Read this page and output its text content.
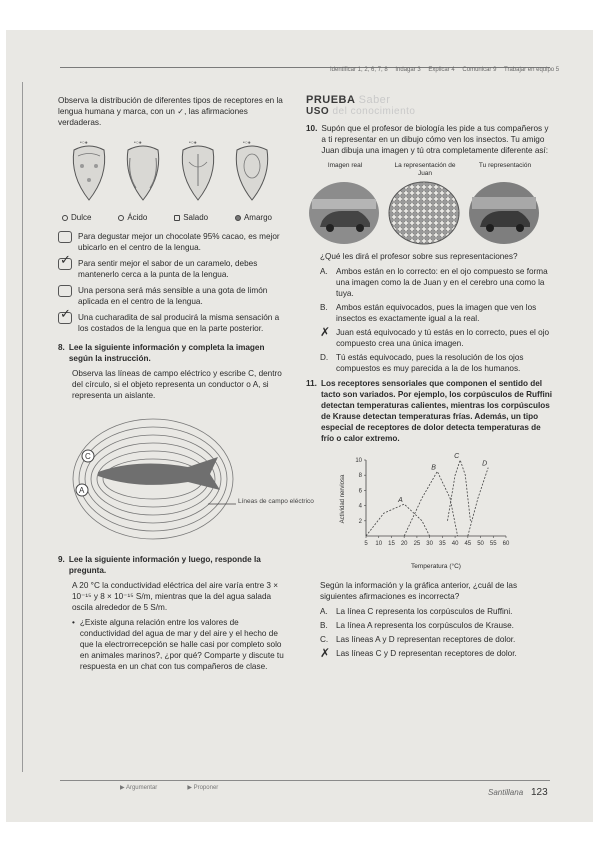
Identificar 1, 2, 6, 7, 8 Indagar 3 Explicar 4 Comunicar 9 Trabajar en equipo 5

Observa la distribución de diferentes tipos de receptores en la lengua humana y marca, con un ✓, las afirmaciones verdaderas.

•○●	•○●	•○●	•○●
Dulce	Ácido	Salado	Amargo
Para degustar mejor un chocolate 95% cacao, es mejor ubicarlo en el centro de la lengua.
✓ Para sentir mejor el sabor de un caramelo, debes mantenerlo cerca a la punta de la lengua.
Una persona será más sensible a una gota de limón aplicada en el centro de la lengua.
✓ Una cucharadita de sal producirá la misma sensación a los costados de la lengua que en la parte posterior.
8. Lee la siguiente información y completa la imagen según la instrucción.

Observa las líneas de campo eléctrico y escribe C, dentro del círculo, si el objeto representa un conductor o A, si representa un aislante.

C
A
Líneas de campo eléctrico
9. Lee la siguiente información y luego, responde la pregunta.

A 20 °C la conductividad eléctrica del aire varía entre 3 × 10⁻¹⁵ y 8 × 10⁻¹⁵ S/m, mientras que la del agua salada oscila alrededor de 5 S/m.

• ¿Existe alguna relación entre los valores de conductividad del agua de mar y del aire y el hecho de que la electrorrecepción se halle casi por completo solo en animales marinos?, ¿por qué? Comparte y discute tu respuesta en un chat con tus compañeros de clase.
PRUEBA Saber
USO del conocimiento
10. Supón que el profesor de biología les pide a tus compañeros y a ti representar en un dibujo cómo ven los insectos. Tu amigo Juan dibuja una imagen y tú otra completamente diferente así:
Imagen real	La representación de Juan
Tu representación

¿Qué les dirá el profesor sobre sus representaciones?

A. Ambos están en lo correcto: en el ojo compuesto se forma una imagen como la de Juan y en el cerebro una como la tuya.
B. Ambos están equivocados, pues la imagen que ven los insectos es exactamente igual a la real.
✗ Juan está equivocado y tú estás en lo correcto, pues el ojo compuesto crea una única imagen.
D. Tú estás equivocado, pues la resolución de los ojos compuestos es muy parecida a la de los humanos.
11. Los receptores sensoriales que componen el sentido del tacto son variados. Por ejemplo, los corpúsculos de Ruffini detectan temperaturas calientes, mientras los corpúsculos de Krause detectan temperaturas frías. Además, un tipo especial de receptores de dolor detecta temperaturas de frío o calor extremo.
5 10 15 20 25 30 35 40 45 50 55 60
2
4
6
8
10
Actividad nerviosa	A
B
C
D
Temperatura (°C)

Según la información y la gráfica anterior, ¿cuál de las siguientes afirmaciones es incorrecta?

A. La línea C representa los corpúsculos de Ruffini.
B. La línea A representa los corpúsculos de Krause.
C. Las líneas A y D representan receptores de dolor.
✗ Las líneas C y D representan receptores de dolor.
▶ Argumentar	▶ Proponer	Santillana 123
